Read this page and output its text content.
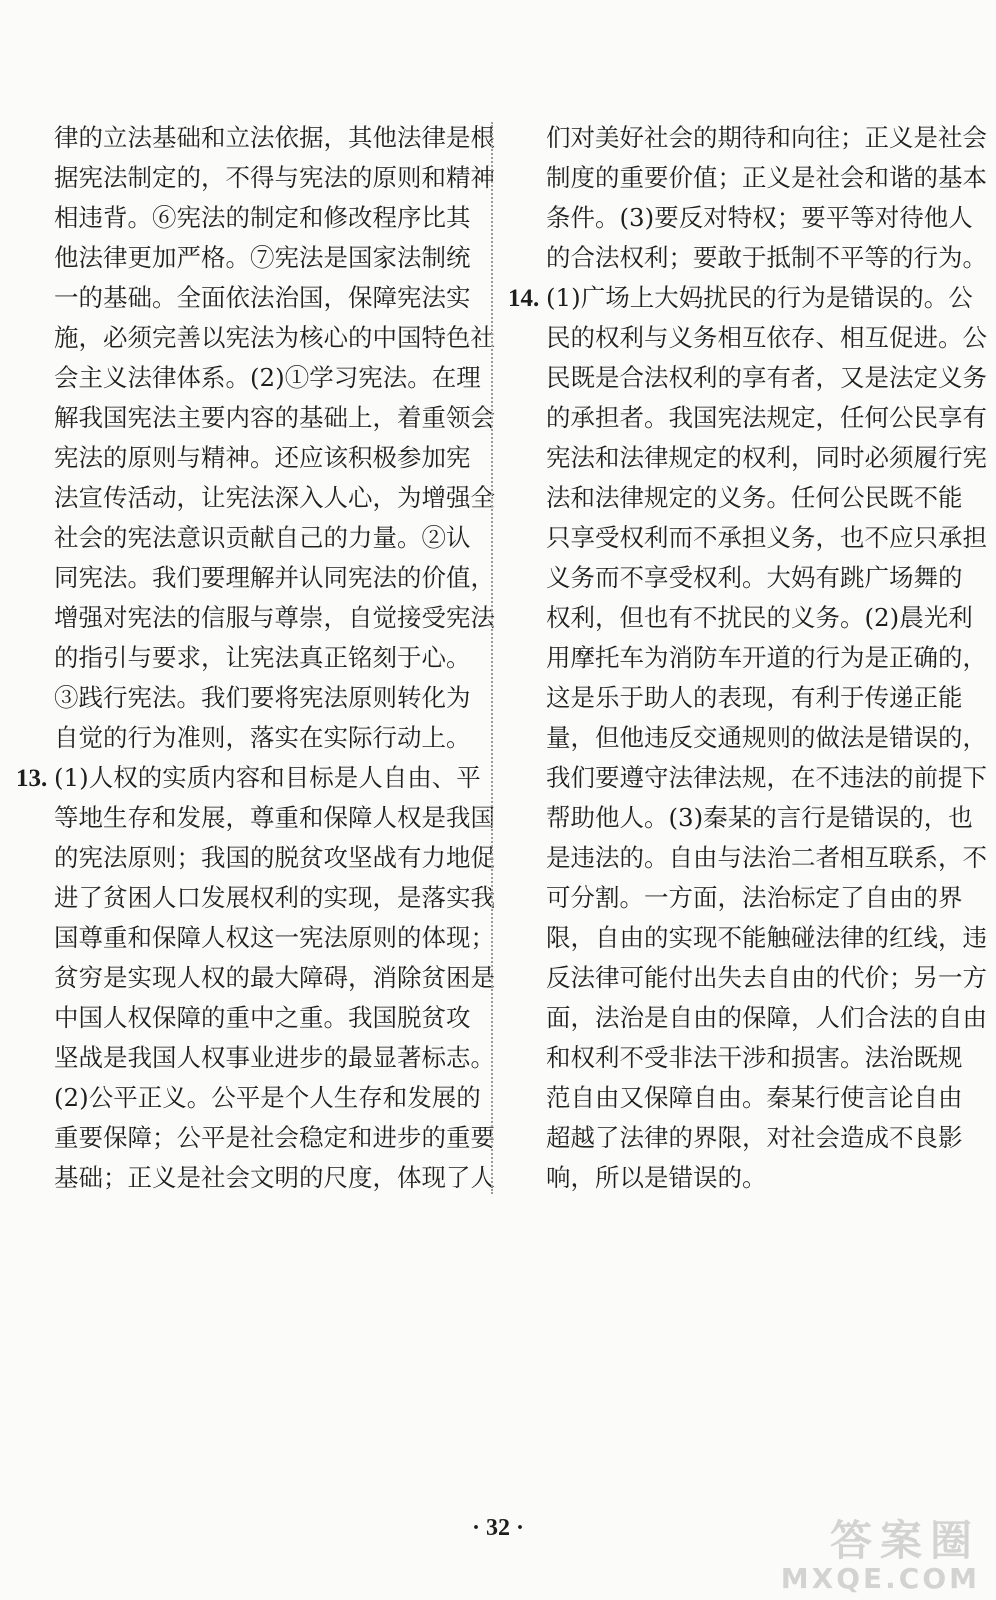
律的立法基础和立法依据，其他法律是根
据宪法制定的，不得与宪法的原则和精神
相违背。⑥宪法的制定和修改程序比其
他法律更加严格。⑦宪法是国家法制统
一的基础。全面依法治国，保障宪法实
施，必须完善以宪法为核心的中国特色社
会主义法律体系。(2)①学习宪法。在理
解我国宪法主要内容的基础上，着重领会
宪法的原则与精神。还应该积极参加宪
法宣传活动，让宪法深入人心，为增强全
社会的宪法意识贡献自己的力量。②认
同宪法。我们要理解并认同宪法的价值，
增强对宪法的信服与尊崇，自觉接受宪法
的指引与要求，让宪法真正铭刻于心。
③践行宪法。我们要将宪法原则转化为
自觉的行为准则，落实在实际行动上。
13. (1)人权的实质内容和目标是人自由、平
等地生存和发展，尊重和保障人权是我国
的宪法原则；我国的脱贫攻坚战有力地促
进了贫困人口发展权利的实现，是落实我
国尊重和保障人权这一宪法原则的体现；
贫穷是实现人权的最大障碍，消除贫困是
中国人权保障的重中之重。我国脱贫攻
坚战是我国人权事业进步的最显著标志。
(2)公平正义。公平是个人生存和发展的
重要保障；公平是社会稳定和进步的重要
基础；正义是社会文明的尺度，体现了人
们对美好社会的期待和向往；正义是社会
制度的重要价值；正义是社会和谐的基本
条件。(3)要反对特权；要平等对待他人
的合法权利；要敢于抵制不平等的行为。
14. (1)广场上大妈扰民的行为是错误的。公
民的权利与义务相互依存、相互促进。公
民既是合法权利的享有者，又是法定义务
的承担者。我国宪法规定，任何公民享有
宪法和法律规定的权利，同时必须履行宪
法和法律规定的义务。任何公民既不能
只享受权利而不承担义务，也不应只承担
义务而不享受权利。大妈有跳广场舞的
权利，但也有不扰民的义务。(2)晨光利
用摩托车为消防车开道的行为是正确的，
这是乐于助人的表现，有利于传递正能
量，但他违反交通规则的做法是错误的，
我们要遵守法律法规，在不违法的前提下
帮助他人。(3)秦某的言行是错误的，也
是违法的。自由与法治二者相互联系，不
可分割。一方面，法治标定了自由的界
限，自由的实现不能触碰法律的红线，违
反法律可能付出失去自由的代价；另一方
面，法治是自由的保障，人们合法的自由
和权利不受非法干涉和损害。法治既规
范自由又保障自由。秦某行使言论自由
超越了法律的界限，对社会造成不良影
响，所以是错误的。
· 32 ·	答案圈
MXQE.COM
